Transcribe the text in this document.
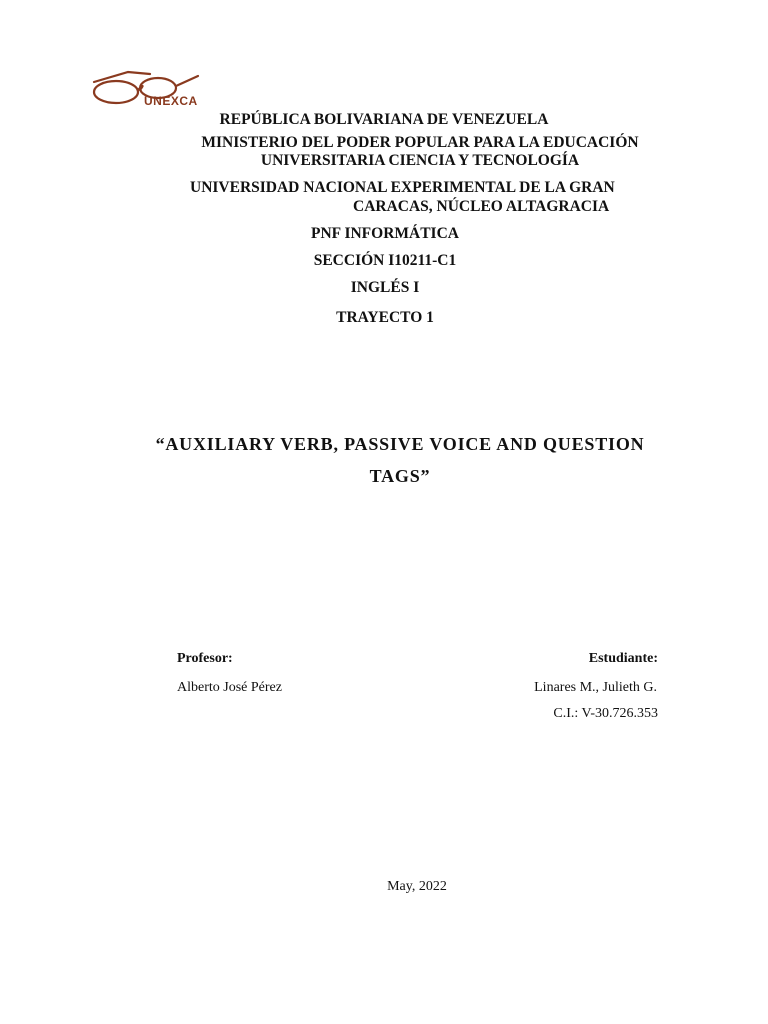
UNEXCA
REPÚBLICA BOLIVARIANA DE VENEZUELA
MINISTERIO DEL PODER POPULAR PARA LA EDUCACIÓN
UNIVERSITARIA CIENCIA Y TECNOLOGÍA
UNIVERSIDAD NACIONAL EXPERIMENTAL DE LA GRAN
CARACAS, NÚCLEO ALTAGRACIA
PNF INFORMÁTICA
SECCIÓN I10211-C1
INGLÉS I
TRAYECTO 1
“AUXILIARY VERB, PASSIVE VOICE AND QUESTION
TAGS”
Profesor:
Alberto José Pérez
Estudiante:
Linares M., Julieth G.
C.I.: V-30.726.353
May, 2022
